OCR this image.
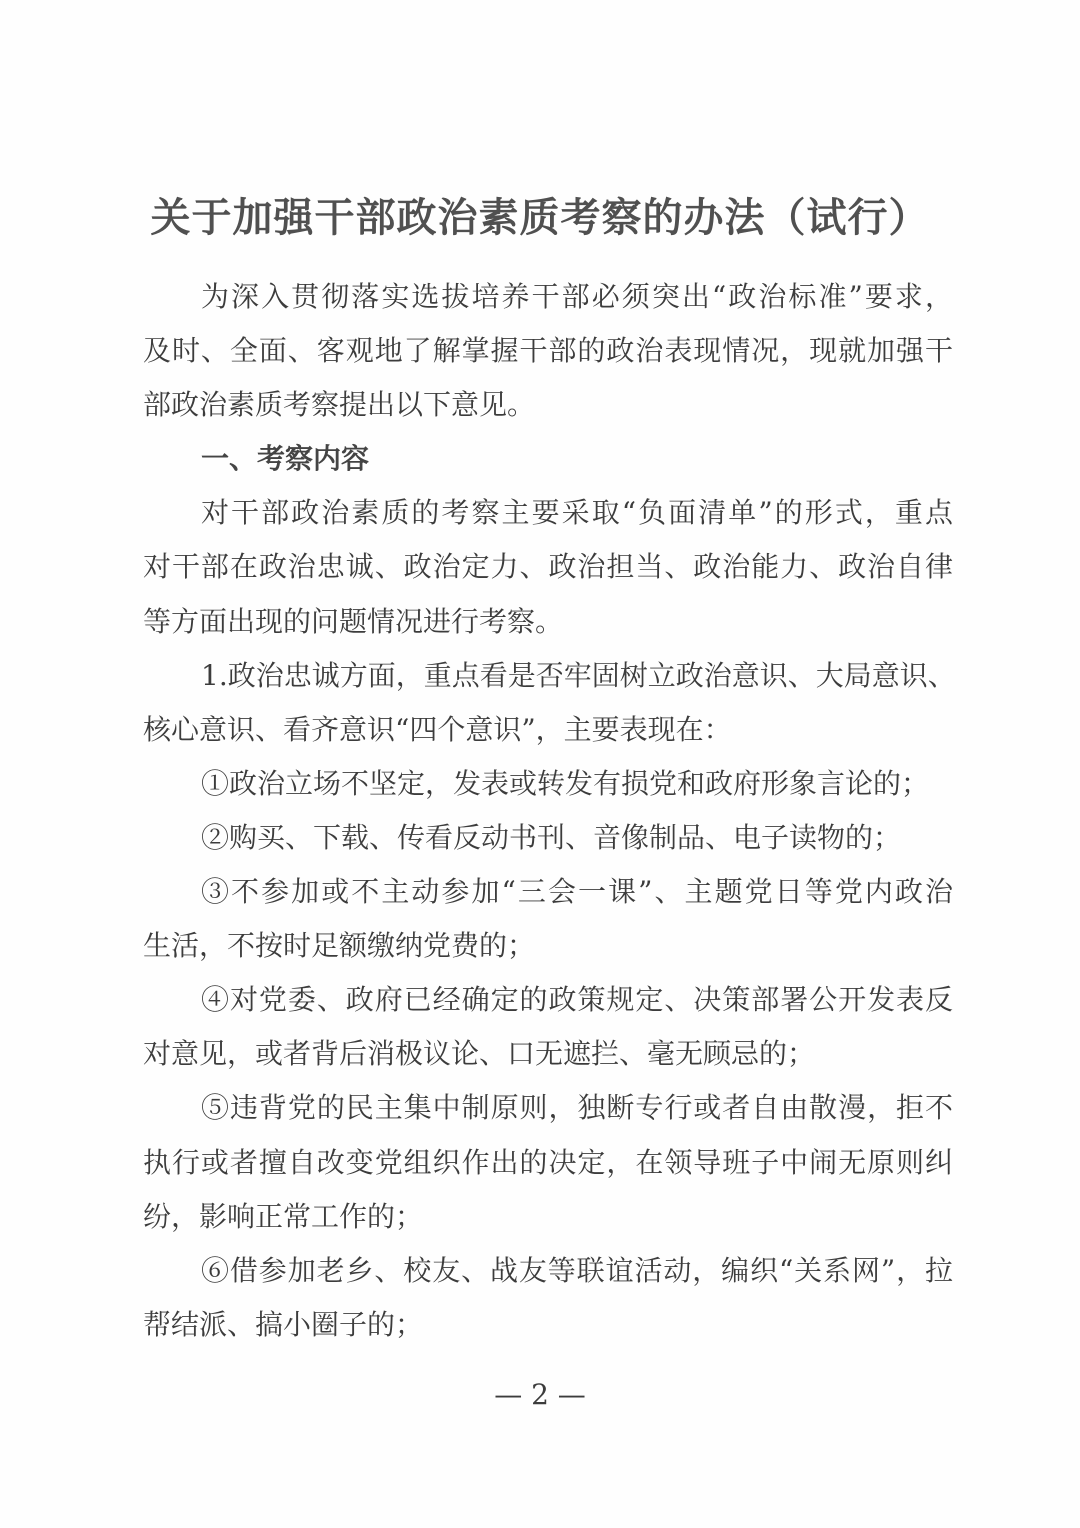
关于加强干部政治素质考察的办法（试行）
为深入贯彻落实选拔培养干部必须突出“政治标准”要求，
及时、全面、客观地了解掌握干部的政治表现情况，现就加强干
部政治素质考察提出以下意见。
一、考察内容
对干部政治素质的考察主要采取“负面清单”的形式，重点
对干部在政治忠诚、政治定力、政治担当、政治能力、政治自律
等方面出现的问题情况进行考察。
1.政治忠诚方面，重点看是否牢固树立政治意识、大局意识、
核心意识、看齐意识“四个意识”，主要表现在：
①政治立场不坚定，发表或转发有损党和政府形象言论的；
②购买、下载、传看反动书刊、音像制品、电子读物的；
③不参加或不主动参加“三会一课”、主题党日等党内政治
生活，不按时足额缴纳党费的；
④对党委、政府已经确定的政策规定、决策部署公开发表反
对意见，或者背后消极议论、口无遮拦、毫无顾忌的；
⑤违背党的民主集中制原则，独断专行或者自由散漫，拒不
执行或者擅自改变党组织作出的决定，在领导班子中闹无原则纠
纷，影响正常工作的；
⑥借参加老乡、校友、战友等联谊活动，编织“关系网”，拉
帮结派、搞小圈子的；
— 2 —
